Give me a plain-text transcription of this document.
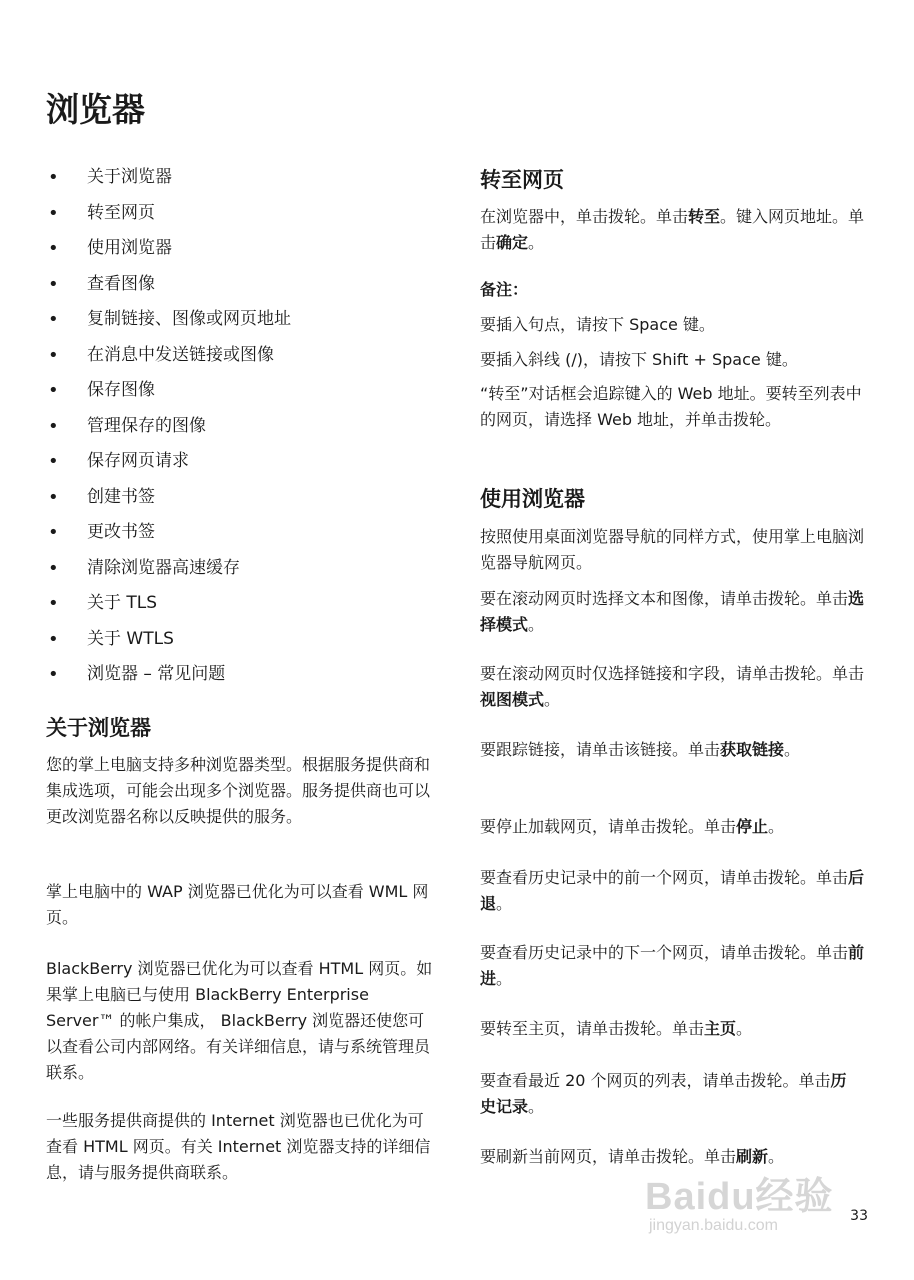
浏览器
• 关于浏览器
• 转至网页
• 使用浏览器
• 查看图像
• 复制链接、图像或网页地址
• 在消息中发送链接或图像
• 保存图像
• 管理保存的图像
• 保存网页请求
• 创建书签
• 更改书签
• 清除浏览器高速缓存
• 关于 TLS
• 关于 WTLS
• 浏览器 – 常见问题
关于浏览器

您的掌上电脑支持多种浏览器类型。根据服务提供商和集成选项，可能会出现多个浏览器。服务提供商也可以更改浏览器名称以反映提供的服务。

掌上电脑中的 WAP 浏览器已优化为可以查看 WML 网页。

BlackBerry 浏览器已优化为可以查看 HTML 网页。如果掌上电脑已与使用 BlackBerry Enterprise Server™ 的帐户集成， BlackBerry 浏览器还使您可以查看公司内部网络。有关详细信息，请与系统管理员联系。

一些服务提供商提供的 Internet 浏览器也已优化为可查看 HTML 网页。有关 Internet 浏览器支持的详细信息，请与服务提供商联系。

转至网页

在浏览器中，单击拨轮。单击转至。键入网页地址。单击确定。

备注：

要插入句点，请按下 Space 键。

要插入斜线 (/)，请按下 Shift + Space 键。

“转至”对话框会追踪键入的 Web 地址。要转至列表中的网页，请选择 Web 地址，并单击拨轮。

使用浏览器

按照使用桌面浏览器导航的同样方式，使用掌上电脑浏览器导航网页。

要在滚动网页时选择文本和图像，请单击拨轮。单击选择模式。

要在滚动网页时仅选择链接和字段，请单击拨轮。单击视图模式。

要跟踪链接，请单击该链接。单击获取链接。

要停止加载网页，请单击拨轮。单击停止。

要查看历史记录中的前一个网页，请单击拨轮。单击后退。

要查看历史记录中的下一个网页，请单击拨轮。单击前进。

要转至主页，请单击拨轮。单击主页。

要查看最近 20 个网页的列表，请单击拨轮。单击历史记录。

要刷新当前网页，请单击拨轮。单击刷新。

Baidu经验
jingyan.baidu.com
33
